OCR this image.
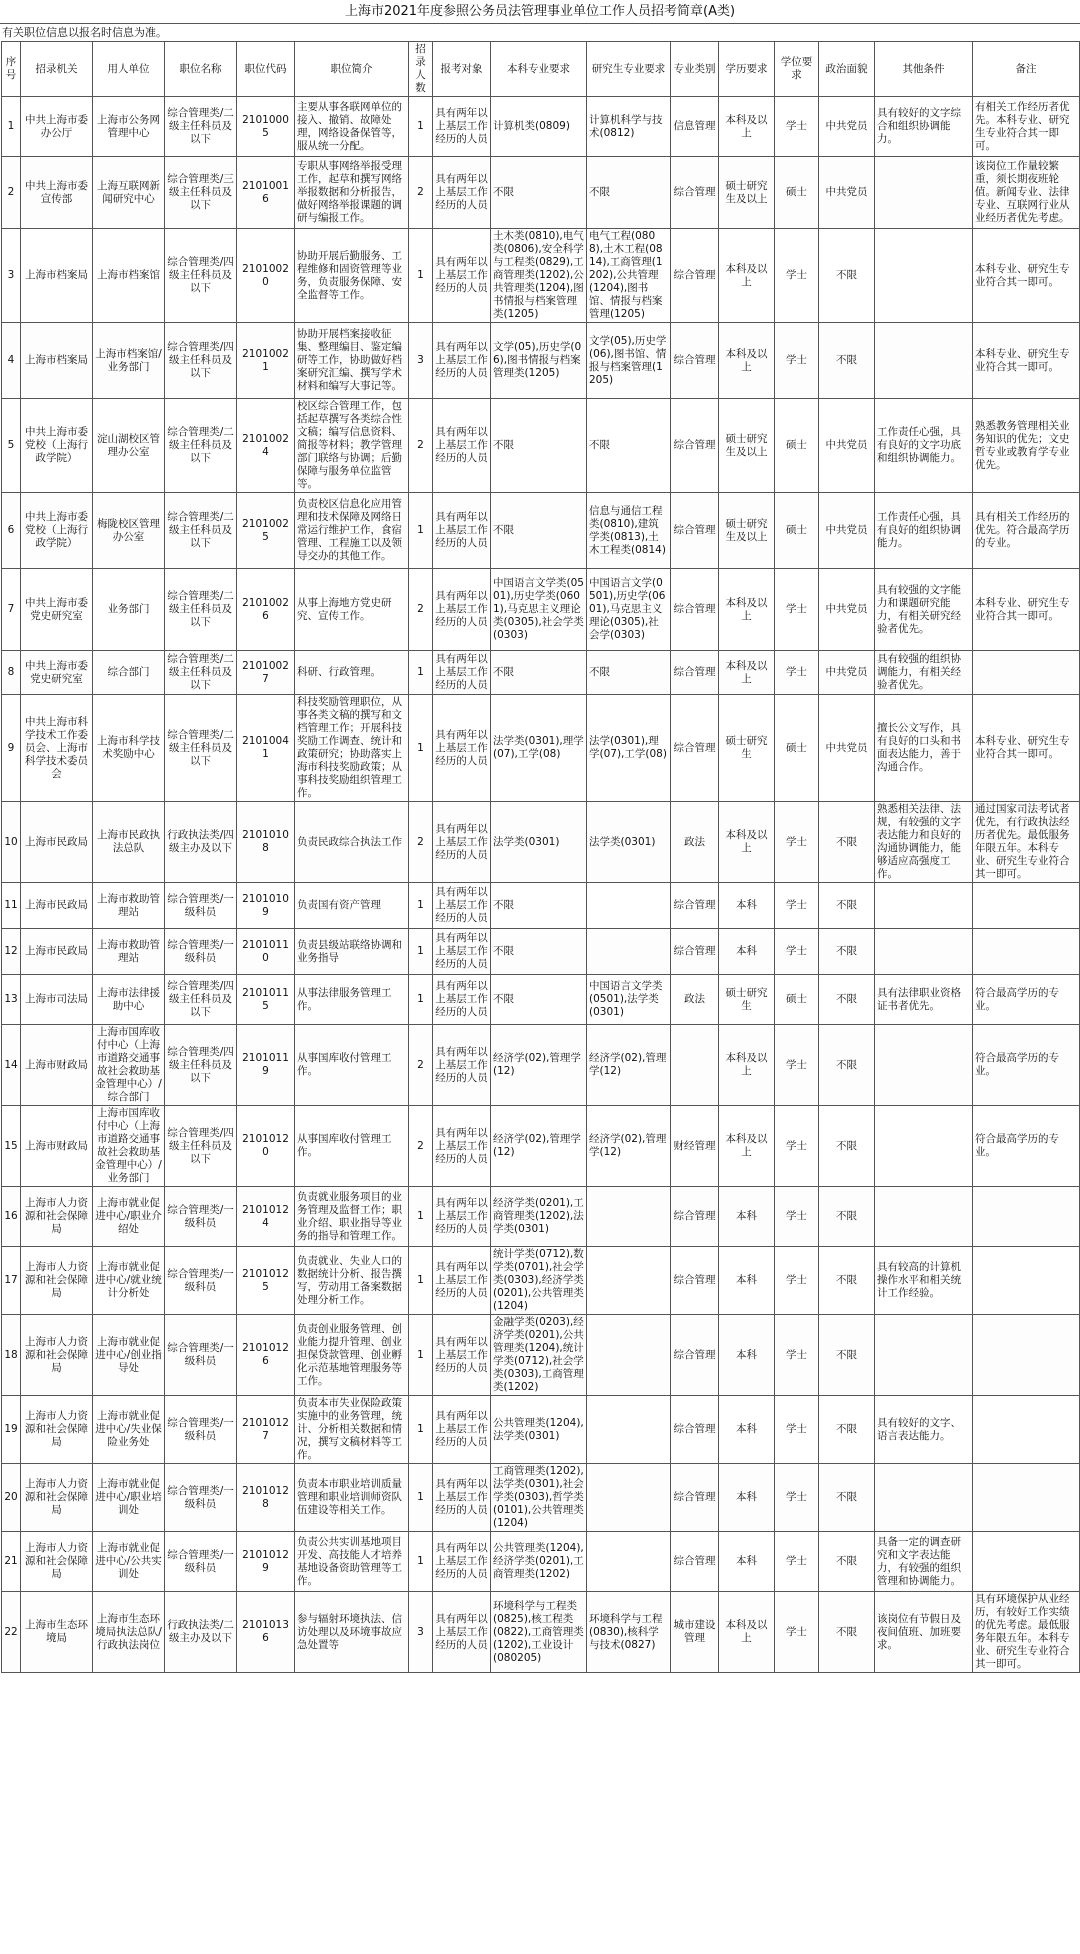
上海市2021年度参照公务员法管理事业单位工作人员招考简章(A类)
有关职位信息以报名时信息为准。
序号	招录机关	用人单位	职位名称	职位代码	职位简介	招录人数	报考对象	本科专业要求	研究生专业要求	专业类别	学历要求	学位要求	政治面貌	其他条件	备注
1	中共上海市委办公厅	上海市公务网管理中心	综合管理类/二级主任科员及以下	21010005	主要从事各联网单位的接入、撤销、故障处理，网络设备保管等，服从统一分配。	1	具有两年以上基层工作经历的人员	计算机类(0809)	计算机科学与技术(0812)	信息管理	本科及以上	学士	中共党员	具有较好的文字综合和组织协调能力。	有相关工作经历者优先。本科专业、研究生专业符合其一即可。
2	中共上海市委宣传部	上海互联网新闻研究中心	综合管理类/三级主任科员及以下	21010016	专职从事网络举报受理工作，起草和撰写网络举报数据和分析报告，做好网络举报课题的调研与编报工作。	2	具有两年以上基层工作经历的人员	不限	不限	综合管理	硕士研究生及以上	硕士	中共党员		该岗位工作量较繁重，须长期夜班轮值。新闻专业、法律专业、互联网行业从业经历者优先考虑。
3	上海市档案局	上海市档案馆	综合管理类/四级主任科员及以下	21010020	协助开展后勤服务、工程维修和固资管理等业务，负责服务保障、安全监督等工作。	1	具有两年以上基层工作经历的人员	土木类(0810),电气类(0806),安全科学与工程类(0829),工商管理类(1202),公共管理类(1204),图书情报与档案管理类(1205)	电气工程(0808),土木工程(0814),工商管理(1202),公共管理(1204),图书馆、情报与档案管理(1205)	综合管理	本科及以上	学士	不限		本科专业、研究生专业符合其一即可。
4	上海市档案局	上海市档案馆/业务部门	综合管理类/四级主任科员及以下	21010021	协助开展档案接收征集、整理编目、鉴定编研等工作，协助做好档案研究汇编、撰写学术材料和编写大事记等。	3	具有两年以上基层工作经历的人员	文学(05),历史学(06),图书情报与档案管理类(1205)	文学(05),历史学(06),图书馆、情报与档案管理(1205)	综合管理	本科及以上	学士	不限		本科专业、研究生专业符合其一即可。
5	中共上海市委党校（上海行政学院）	淀山湖校区管理办公室	综合管理类/二级主任科员及以下	21010024	校区综合管理工作，包括起草撰写各类综合性文稿；编写信息资料、简报等材料；教学管理部门联络与协调；后勤保障与服务单位监管等。	2	具有两年以上基层工作经历的人员	不限	不限	综合管理	硕士研究生及以上	硕士	中共党员	工作责任心强，具有良好的文字功底和组织协调能力。	熟悉教务管理相关业务知识的优先；文史哲专业或教育学专业优先。
6	中共上海市委党校（上海行政学院）	梅陇校区管理办公室	综合管理类/二级主任科员及以下	21010025	负责校区信息化应用管理和技术保障及网络日常运行维护工作，食宿管理、工程施工以及领导交办的其他工作。	1	具有两年以上基层工作经历的人员	不限	信息与通信工程类(0810),建筑学类(0813),土木工程类(0814)	综合管理	硕士研究生及以上	硕士	中共党员	工作责任心强，具有良好的组织协调能力。	具有相关工作经历的优先。符合最高学历的专业。
7	中共上海市委党史研究室	业务部门	综合管理类/二级主任科员及以下	21010026	从事上海地方党史研究、宣传工作。	2	具有两年以上基层工作经历的人员	中国语言文学类(0501),历史学类(0601),马克思主义理论类(0305),社会学类(0303)	中国语言文学(0501),历史学(0601),马克思主义理论(0305),社会学(0303)	综合管理	本科及以上	学士	中共党员	具有较强的文字能力和课题研究能力，有相关研究经验者优先。	本科专业、研究生专业符合其一即可。
8	中共上海市委党史研究室	综合部门	综合管理类/二级主任科员及以下	21010027	科研、行政管理。	1	具有两年以上基层工作经历的人员	不限	不限	综合管理	本科及以上	学士	中共党员	具有较强的组织协调能力，有相关经验者优先。	
9	中共上海市科学技术工作委员会、上海市科学技术委员会	上海市科学技术奖励中心	综合管理类/二级主任科员及以下	21010041	科技奖励管理职位，从事各类文稿的撰写和文档管理工作；开展科技奖励工作调查、统计和政策研究；协助落实上海市科技奖励政策；从事科技奖励组织管理工作。	1	具有两年以上基层工作经历的人员	法学类(0301),理学(07),工学(08)	法学(0301),理学(07),工学(08)	综合管理	硕士研究生	硕士	中共党员	擅长公文写作，具有良好的口头和书面表达能力，善于沟通合作。	本科专业、研究生专业符合其一即可。
10	上海市民政局	上海市民政执法总队	行政执法类/四级主办及以下	21010108	负责民政综合执法工作	2	具有两年以上基层工作经历的人员	法学类(0301)	法学类(0301)	政法	本科及以上	学士	不限	熟悉相关法律、法规，有较强的文字表达能力和良好的沟通协调能力，能够适应高强度工作。	通过国家司法考试者优先，有行政执法经历者优先。最低服务年限五年。本科专业、研究生专业符合其一即可。
11	上海市民政局	上海市救助管理站	综合管理类/一级科员	21010109	负责国有资产管理	1	具有两年以上基层工作经历的人员	不限		综合管理	本科	学士	不限		
12	上海市民政局	上海市救助管理站	综合管理类/一级科员	21010110	负责县级站联络协调和业务指导	1	具有两年以上基层工作经历的人员	不限		综合管理	本科	学士	不限		
13	上海市司法局	上海市法律援助中心	综合管理类/四级主任科员及以下	21010115	从事法律服务管理工作。	1	具有两年以上基层工作经历的人员	不限	中国语言文学类(0501),法学类(0301)	政法	硕士研究生	硕士	不限	具有法律职业资格证书者优先。	符合最高学历的专业。
14	上海市财政局	上海市国库收付中心（上海市道路交通事故社会救助基金管理中心）/综合部门	综合管理类/四级主任科员及以下	21010119	从事国库收付管理工作。	2	具有两年以上基层工作经历的人员	经济学(02),管理学(12)	经济学(02),管理学(12)		本科及以上	学士	不限		符合最高学历的专业。
15	上海市财政局	上海市国库收付中心（上海市道路交通事故社会救助基金管理中心）/业务部门	综合管理类/四级主任科员及以下	21010120	从事国库收付管理工作。	2	具有两年以上基层工作经历的人员	经济学(02),管理学(12)	经济学(02),管理学(12)	财经管理	本科及以上	学士	不限		符合最高学历的专业。
16	上海市人力资源和社会保障局	上海市就业促进中心/职业介绍处	综合管理类/一级科员	21010124	负责就业服务项目的业务管理及监督工作；职业介绍、职业指导等业务的指导和管理工作。	1	具有两年以上基层工作经历的人员	经济学类(0201),工商管理类(1202),法学类(0301)		综合管理	本科	学士	不限		
17	上海市人力资源和社会保障局	上海市就业促进中心/就业统计分析处	综合管理类/一级科员	21010125	负责就业、失业人口的数据统计分析、报告撰写，劳动用工备案数据处理分析工作。	1	具有两年以上基层工作经历的人员	统计学类(0712),数学类(0701),社会学类(0303),经济学类(0201),公共管理类(1204)		综合管理	本科	学士	不限	具有较高的计算机操作水平和相关统计工作经验。	
18	上海市人力资源和社会保障局	上海市就业促进中心/创业指导处	综合管理类/一级科员	21010126	负责创业服务管理、创业能力提升管理、创业担保贷款管理、创业孵化示范基地管理服务等工作。	1	具有两年以上基层工作经历的人员	金融学类(0203),经济学类(0201),公共管理类(1204),统计学类(0712),社会学类(0303),工商管理类(1202)		综合管理	本科	学士	不限		
19	上海市人力资源和社会保障局	上海市就业促进中心/失业保险业务处	综合管理类/一级科员	21010127	负责本市失业保险政策实施中的业务管理，统计、分析相关数据和情况，撰写文稿材料等工作。	1	具有两年以上基层工作经历的人员	公共管理类(1204),法学类(0301)		综合管理	本科	学士	不限	具有较好的文字、语言表达能力。	
20	上海市人力资源和社会保障局	上海市就业促进中心/职业培训处	综合管理类/一级科员	21010128	负责本市职业培训质量管理和职业培训师资队伍建设等相关工作。	1	具有两年以上基层工作经历的人员	工商管理类(1202),法学类(0301),社会学类(0303),哲学类(0101),公共管理类(1204)		综合管理	本科	学士	不限		
21	上海市人力资源和社会保障局	上海市就业促进中心/公共实训处	综合管理类/一级科员	21010129	负责公共实训基地项目开发、高技能人才培养基地设备资助管理等工作。	1	具有两年以上基层工作经历的人员	公共管理类(1204),经济学类(0201),工商管理类(1202)		综合管理	本科	学士	不限	具备一定的调查研究和文字表达能力，有较强的组织管理和协调能力。	
22	上海市生态环境局	上海市生态环境局执法总队/行政执法岗位	行政执法类/二级主办及以下	21010136	参与辐射环境执法、信访处理以及环境事故应急处置等	3	具有两年以上基层工作经历的人员	环境科学与工程类(0825),核工程类(0822),工商管理类(1202),工业设计(080205)	环境科学与工程(0830),核科学与技术(0827)	城市建设管理	本科及以上	学士	不限	该岗位有节假日及夜间值班、加班要求。	具有环境保护从业经历，有较好工作实绩的优先考虑。最低服务年限五年。本科专业、研究生专业符合其一即可。
